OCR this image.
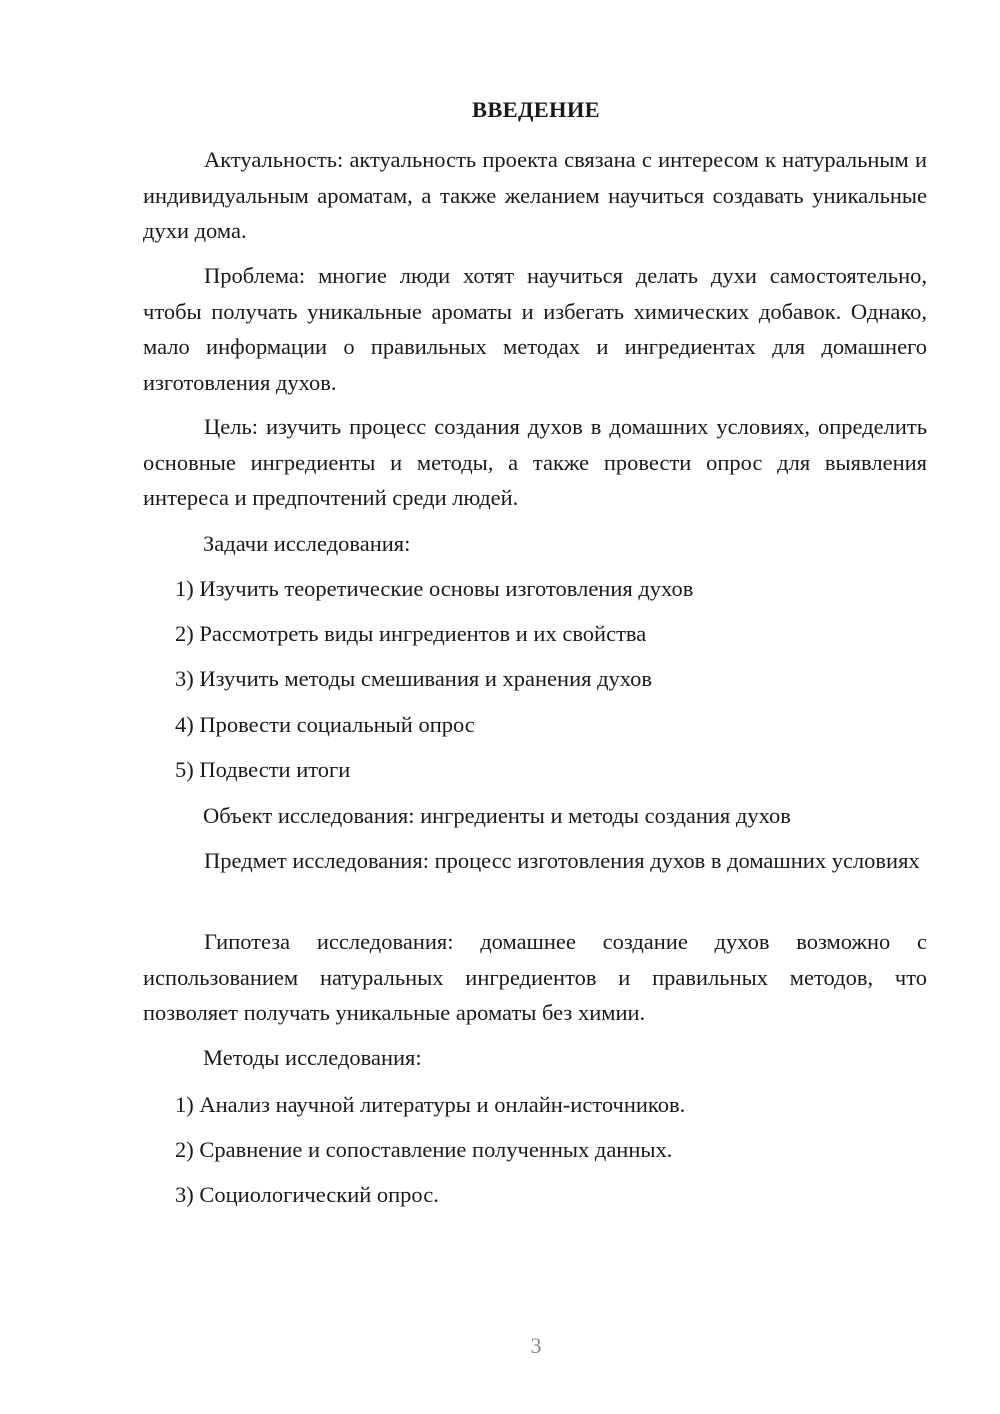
ВВЕДЕНИЕ
Актуальность: актуальность проекта связана с интересом к натуральным и индивидуальным ароматам, а также желанием научиться создавать уникальные духи дома.
Проблема: многие люди хотят научиться делать духи самостоятельно, чтобы получать уникальные ароматы и избегать химических добавок. Однако, мало информации о правильных методах и ингредиентах для домашнего изготовления духов.
Цель: изучить процесс создания духов в домашних условиях, определить основные ингредиенты и методы, а также провести опрос для выявления интереса и предпочтений среди людей.
Задачи исследования:
1) Изучить теоретические основы изготовления духов
2) Рассмотреть виды ингредиентов и их свойства
3) Изучить методы смешивания и хранения духов
4) Провести социальный опрос
5) Подвести итоги
Объект исследования: ингредиенты и методы создания духов
Предмет исследования: процесс изготовления духов в домашних условиях
Гипотеза исследования: домашнее создание духов возможно с использованием натуральных ингредиентов и правильных методов, что позволяет получать уникальные ароматы без химии.
Методы исследования:
1) Анализ научной литературы и онлайн-источников.
2) Сравнение и сопоставление полученных данных.
3) Социологический опрос.
3
